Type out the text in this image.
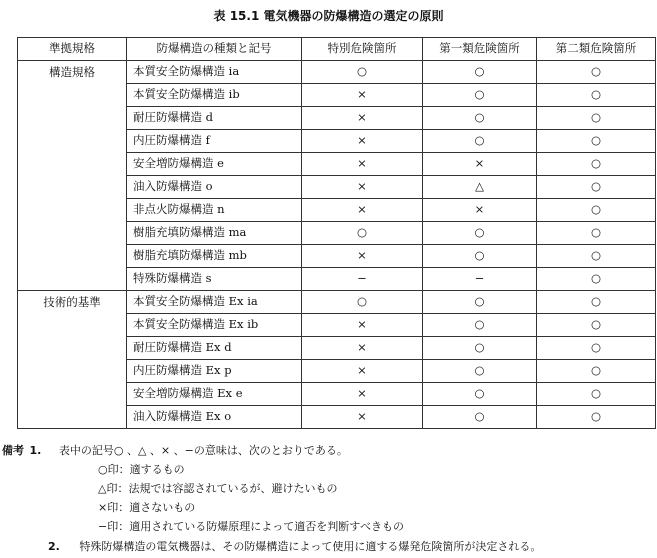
表 15.1 電気機器の防爆構造の選定の原則
準拠規格	防爆構造の種類と記号	特別危険箇所	第一類危険箇所	第二類危険箇所
構造規格	本質安全防爆構造 ia	○	○	○
	本質安全防爆構造 ib	×	○	○
	耐圧防爆構造 d	×	○	○
	内圧防爆構造 f	×	○	○
	安全増防爆構造 e	×	×	○
	油入防爆構造 o	×	△	○
	非点火防爆構造 n	×	×	○
	樹脂充填防爆構造 ma	○	○	○
	樹脂充填防爆構造 mb	×	○	○
	特殊防爆構造 s	−	−	○
技術的基準	本質安全防爆構造 Ex ia	○	○	○
	本質安全防爆構造 Ex ib	×	○	○
	耐圧防爆構造 Ex d	×	○	○
	内圧防爆構造 Ex p	×	○	○
	安全増防爆構造 Ex e	×	○	○
	油入防爆構造 Ex o	×	○	○
備考 1. 表中の記号○ 、△ 、× 、−の意味は、次のとおりである。
○印：適するもの
△印：法規では容認されているが、避けたいもの
×印：適さないもの
−印：適用されている防爆原理によって適否を判断すべきもの
2. 特殊防爆構造の電気機器は、その防爆構造によって使用に適する爆発危険箇所が決定される。
